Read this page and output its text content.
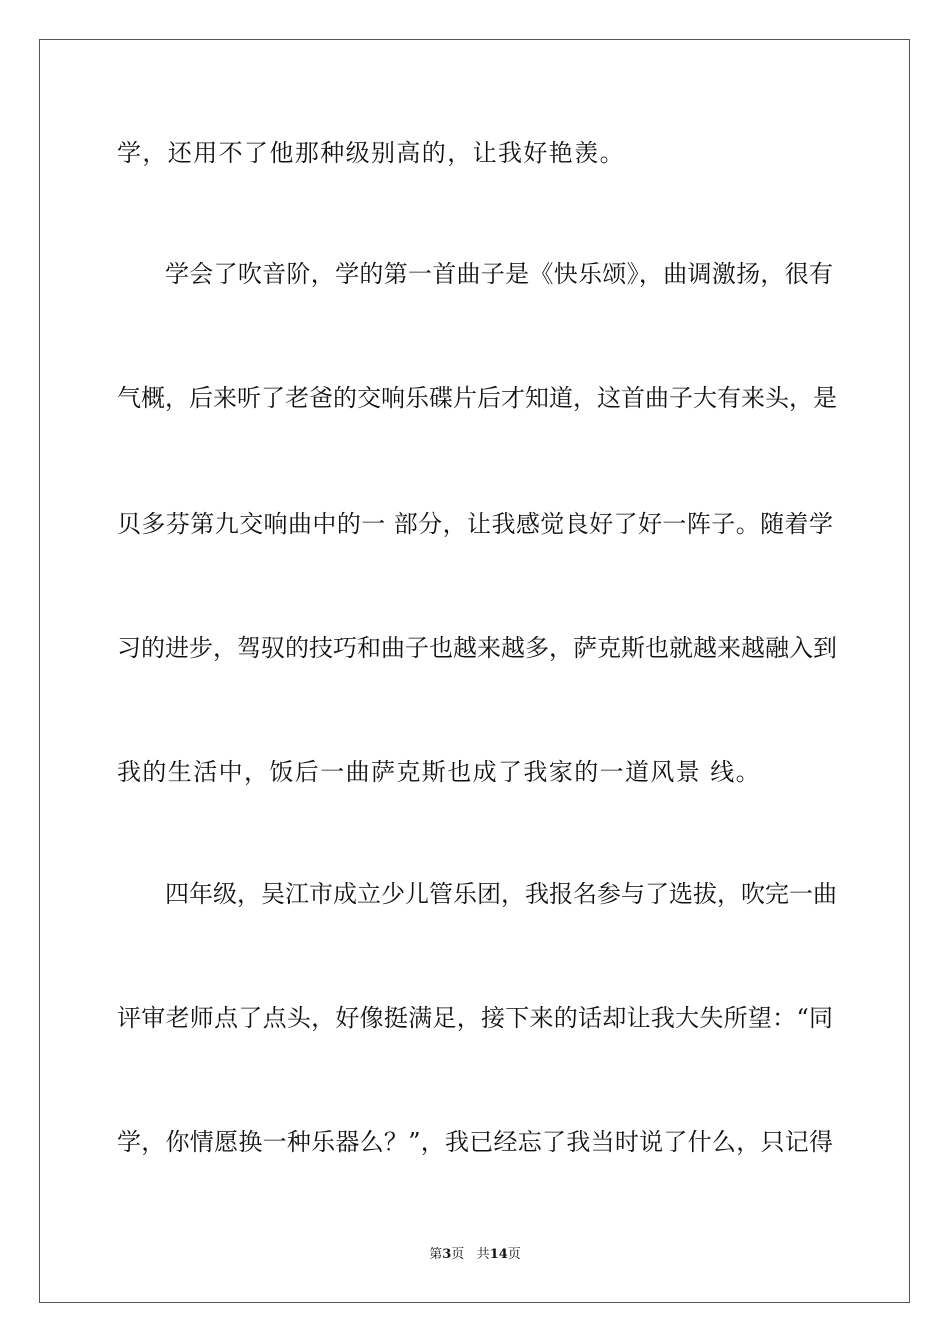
学，还用不了他那种级别高的，让我好艳羡。
学会了吹音阶，学的第一首曲子是《快乐颂》，曲调激扬，很有
气概，后来听了老爸的交响乐碟片后才知道，这首曲子大有来头，是
贝多芬第九交响曲中的一 部分，让我感觉良好了好一阵子。随着学
习的进步，驾驭的技巧和曲子也越来越多，萨克斯也就越来越融入到
我的生活中，饭后一曲萨克斯也成了我家的一道风景 线。
四年级，吴江市成立少儿管乐团，我报名参与了选拔，吹完一曲
评审老师点了点头，好像挺满足，接下来的话却让我大失所望：“同
学，你情愿换一种乐器么？”，我已经忘了我当时说了什么，只记得
第3页 共14页
